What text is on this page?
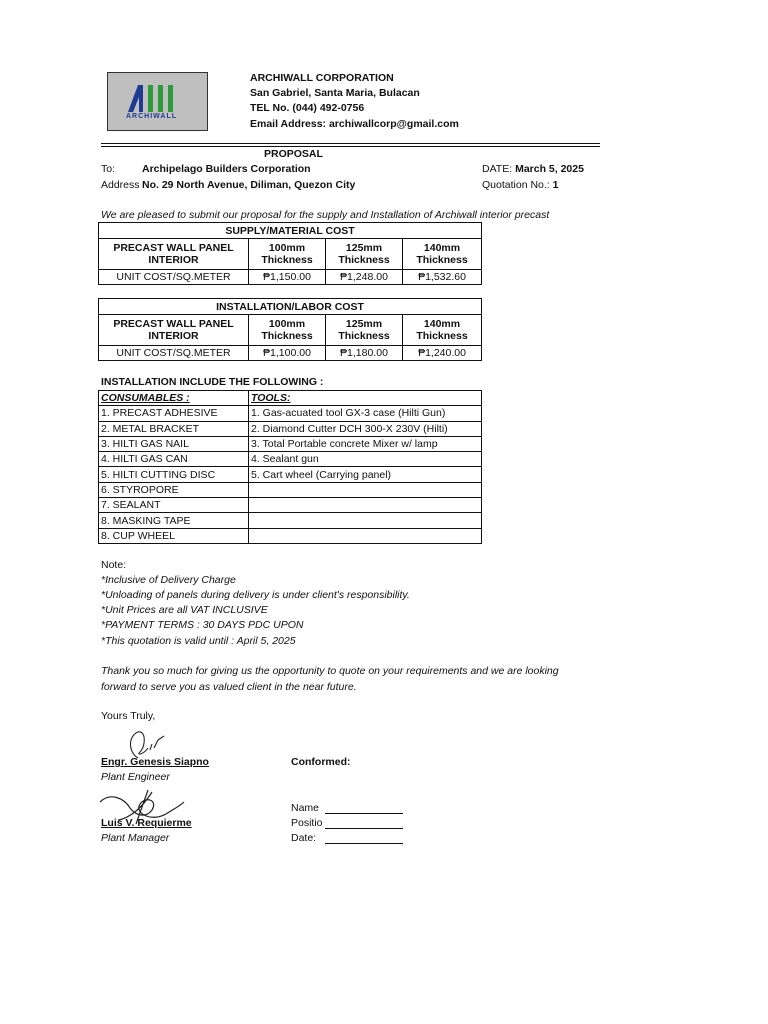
ARCHIWALL
ARCHIWALL CORPORATION
San Gabriel, Santa Maria, Bulacan
TEL No. (044) 492-0756
Email Address: archiwallcorp@gmail.com
PROPOSAL
To:	Archipelago Builders Corporation
Address No. 29 North Avenue, Diliman, Quezon City
DATE: March 5, 2025
Quotation No.: 1
We are pleased to submit our proposal for the supply and Installation of Archiwall interior precast
SUPPLY/MATERIAL COST			
PRECAST WALL PANEL	100mm	125mm	140mm
INTERIOR	Thickness	Thickness	Thickness
UNIT COST/SQ.METER	₱1,150.00	₱1,248.00	₱1,532.60
INSTALLATION/LABOR COST			
PRECAST WALL PANEL	100mm	125mm	140mm
INTERIOR	Thickness	Thickness	Thickness
UNIT COST/SQ.METER	₱1,100.00	₱1,180.00	₱1,240.00
INSTALLATION INCLUDE THE FOLLOWING :
CONSUMABLES :	TOOLS:
1. PRECAST ADHESIVE	1. Gas-acuated tool GX-3 case (Hilti Gun)
2. METAL BRACKET	2. Diamond Cutter DCH 300-X 230V (Hilti)
3. HILTI GAS NAIL	3. Total Portable concrete Mixer w/ lamp
4. HILTI GAS CAN	4. Sealant gun
5. HILTI CUTTING DISC	5. Cart wheel (Carrying panel)
6. STYROPORE	
7. SEALANT	
8. MASKING TAPE	
8. CUP WHEEL	
Note:
*Inclusive of Delivery Charge
*Unloading of panels during delivery is under client's responsibility.
*Unit Prices are all VAT INCLUSIVE
*PAYMENT TERMS : 30 DAYS PDC UPON
*This quotation is valid until : April 5, 2025
Thank you so much for giving us the opportunity to quote on your requirements and we are looking
forward to serve you as valued client in the near future.
Yours Truly,
Engr. Genesis Siapno
Plant Engineer
Luis V. Requierme
Plant Manager
Conformed:
Name
Positio
Date:
